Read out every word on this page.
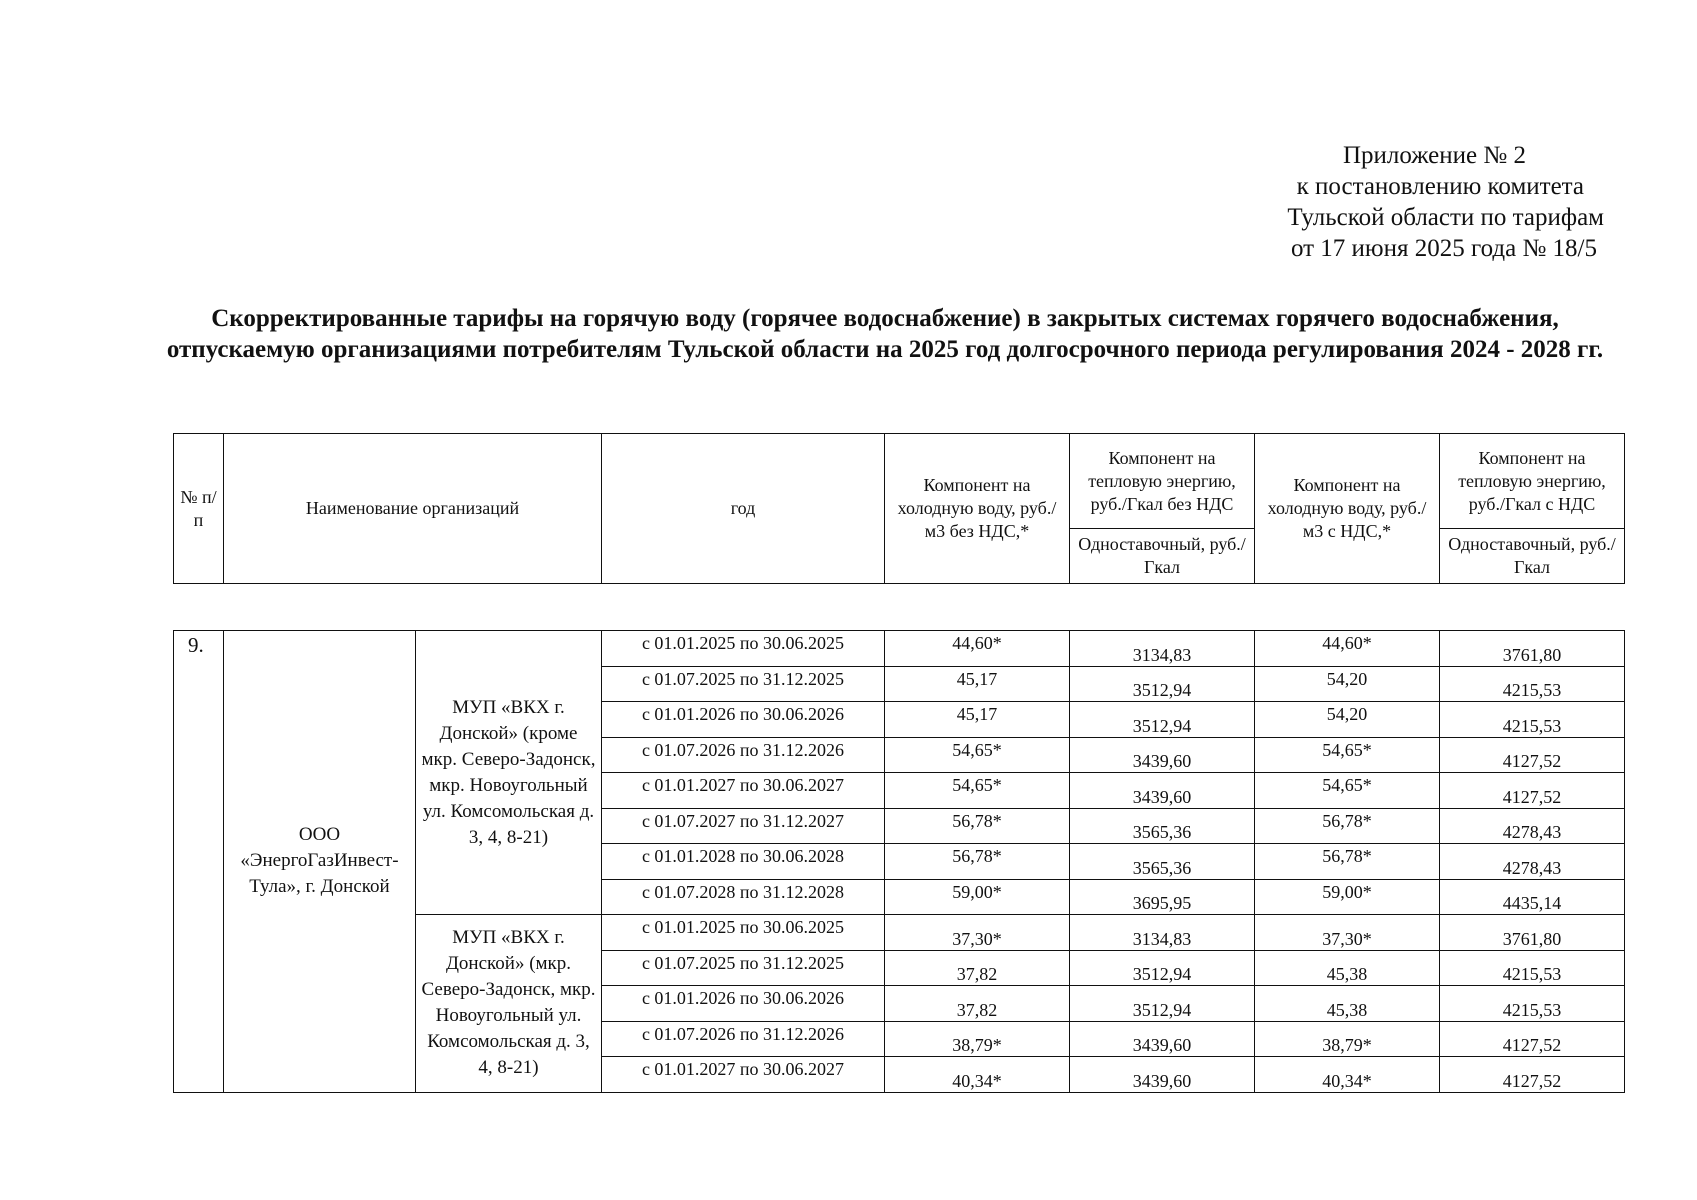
Приложение № 2
к постановлению комитета
Тульской области по тарифам
от 17 июня 2025 года № 18/5
Скорректированные тарифы на горячую воду (горячее водоснабжение) в закрытых системах горячего водоснабжения, отпускаемую организациями потребителям Тульской области на 2025 год долгосрочного периода регулирования 2024 - 2028 гг.
№ п/п	Наименование организаций	год	Компонент на холодную воду, руб./м3 без НДС,*	Компонент на тепловую энергию, руб./Гкал без НДС	Компонент на холодную воду, руб./м3 с НДС,*	Компонент на тепловую энергию, руб./Гкал с НДС
				Одноставочный, руб./Гкал		Одноставочный, руб./Гкал
9.	ООО «ЭнергоГазИнвест-Тула», г. Донской	МУП «ВКХ г. Донской» (кроме мкр. Северо-Задонск, мкр. Новоугольный ул. Комсомольская д. 3, 4, 8-21)	с 01.01.2025 по 30.06.2025	44,60*	3134,83	44,60*	3761,80
			с 01.07.2025 по 31.12.2025	45,17	3512,94	54,20	4215,53
			с 01.01.2026 по 30.06.2026	45,17	3512,94	54,20	4215,53
			с 01.07.2026 по 31.12.2026	54,65*	3439,60	54,65*	4127,52
			с 01.01.2027 по 30.06.2027	54,65*	3439,60	54,65*	4127,52
			с 01.07.2027 по 31.12.2027	56,78*	3565,36	56,78*	4278,43
			с 01.01.2028 по 30.06.2028	56,78*	3565,36	56,78*	4278,43
			с 01.07.2028 по 31.12.2028	59,00*	3695,95	59,00*	4435,14
		МУП «ВКХ г. Донской» (мкр. Северо-Задонск, мкр. Новоугольный ул. Комсомольская д. 3, 4, 8-21)	с 01.01.2025 по 30.06.2025	37,30*	3134,83	37,30*	3761,80
			с 01.07.2025 по 31.12.2025	37,82	3512,94	45,38	4215,53
			с 01.01.2026 по 30.06.2026	37,82	3512,94	45,38	4215,53
			с 01.07.2026 по 31.12.2026	38,79*	3439,60	38,79*	4127,52
			с 01.01.2027 по 30.06.2027	40,34*	3439,60	40,34*	4127,52
